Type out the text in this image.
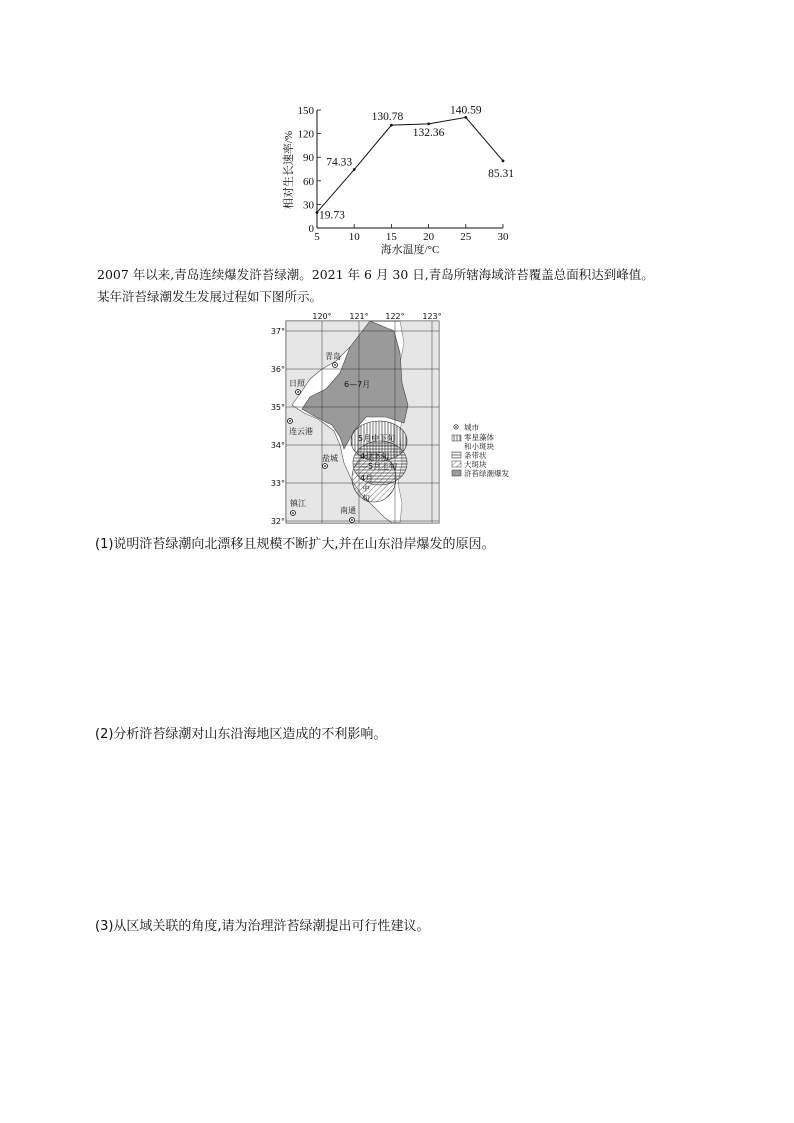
0
30
60
90
120
150
5	10 15 20 25 30
19.73
74.33
130.78
132.36
140.59
85.31
相对生长速率/%
海水温度/°C
2007 年以来,青岛连续爆发浒苔绿潮。2021 年 6 月 30 日,青岛所辖海域浒苔覆盖总面积达到峰值。
某年浒苔绿潮发生发展过程如下图所示。
120° 121° 122° 123°
37°
36°
35°
34°
33°
32°
青岛
日照
连云港
盐城
镇江
南通
6—7月
5月中下旬
4月下旬
—5月上旬
4月
中
旬
城市
零星藻体
和小斑块
条带状
大斑块
浒苔绿潮爆发
(1)说明浒苔绿潮向北漂移且规模不断扩大,并在山东沿岸爆发的原因。
(2)分析浒苔绿潮对山东沿海地区造成的不利影响。
(3)从区域关联的角度,请为治理浒苔绿潮提出可行性建议。
